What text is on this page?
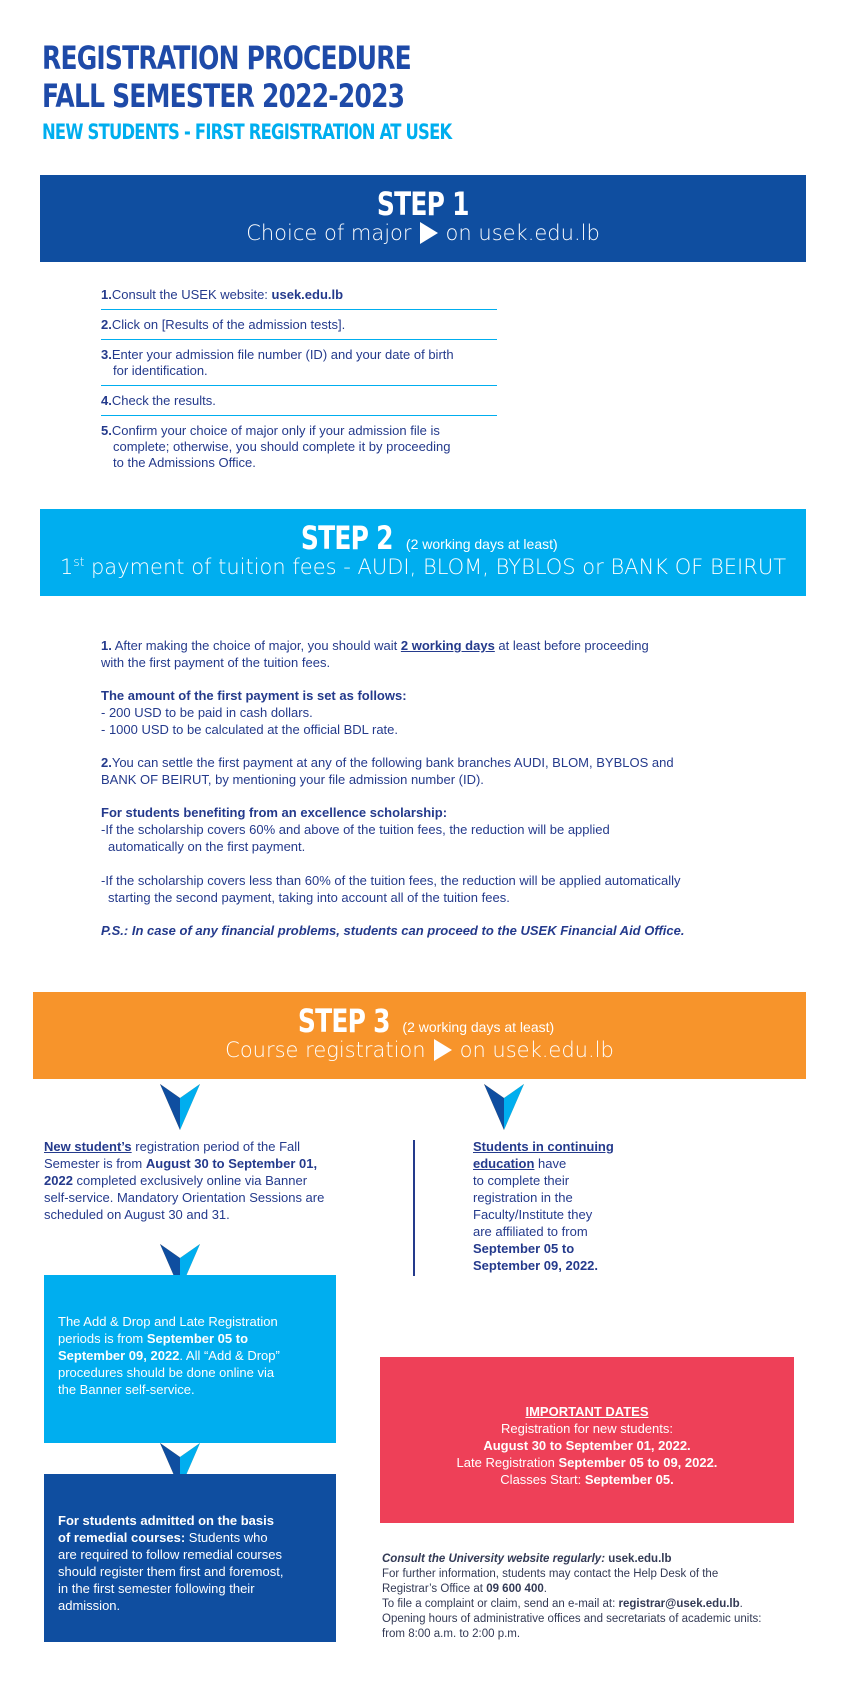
REGISTRATION PROCEDURE
FALL SEMESTER 2022-2023
NEW STUDENTS - FIRST REGISTRATION AT USEK
STEP 1
Choice of major on usek.edu.lb
1.Consult the USEK website: usek.edu.lb
2.Click on [Results of the admission tests].
3.Enter your admission file number (ID) and your date of birth
for identification.
4.Check the results.
5.Confirm your choice of major only if your admission file is
complete; otherwise, you should complete it by proceeding
to the Admissions Office.
STEP 2 (2 working days at least)
1st payment of tuition fees - AUDI, BLOM, BYBLOS or BANK OF BEIRUT

1. After making the choice of major, you should wait 2 working days at least before proceeding
with the first payment of the tuition fees.

The amount of the first payment is set as follows:
- 200 USD to be paid in cash dollars.
- 1000 USD to be calculated at the official BDL rate.

2.You can settle the first payment at any of the following bank branches AUDI, BLOM, BYBLOS and
BANK OF BEIRUT, by mentioning your file admission number (ID).

For students benefiting from an excellence scholarship:
-If the scholarship covers 60% and above of the tuition fees, the reduction will be applied

automatically on the first payment.

-If the scholarship covers less than 60% of the tuition fees, the reduction will be applied automatically

starting the second payment, taking into account all of the tuition fees.

P.S.: In case of any financial problems, students can proceed to the USEK Financial Aid Office.

STEP 3 (2 working days at least)
Course registration on usek.edu.lb
New student’s registration period of the Fall
Semester is from August 30 to September 01,
2022 completed exclusively online via Banner
self-service. Mandatory Orientation Sessions are
scheduled on August 30 and 31.
Students in continuing
education have
to complete their
registration in the
Faculty/Institute they
are affiliated to from
September 05 to
September 09, 2022.
The Add & Drop and Late Registration
periods is from September 05 to
September 09, 2022. All “Add & Drop”
procedures should be done online via
the Banner self-service.
For students admitted on the basis
of remedial courses: Students who
are required to follow remedial courses
should register them first and foremost,
in the first semester following their
admission.
IMPORTANT DATES
Registration for new students:
August 30 to September 01, 2022.
Late Registration September 05 to 09, 2022.
Classes Start: September 05.
Consult the University website regularly: usek.edu.lb
For further information, students may contact the Help Desk of the
Registrar’s Office at 09 600 400.
To file a complaint or claim, send an e-mail at: registrar@usek.edu.lb.
Opening hours of administrative offices and secretariats of academic units:
from 8:00 a.m. to 2:00 p.m.
